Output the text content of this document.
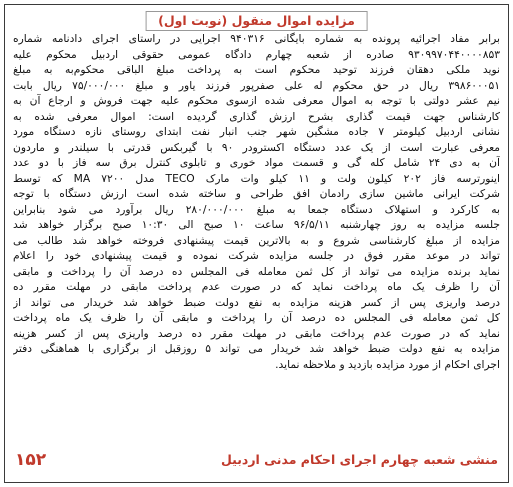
مزایده اموال منقول (نوبت اول)
برابر مفاد اجرائیه پرونده به شماره بایگانی ۹۴۰۳۱۶ اجرایی در راستای اجرای دادنامه شماره
۹۳۰۹۹۷۰۴۴۰۰۰۰۸۵۳ صادره از شعبه چهارم دادگاه عمومی حقوقی اردبیل محکوم علیه
نوید ملکی دهقان فرزند توحید محکوم است به پرداخت مبلغ الباقی محکوم‌به به مبلغ
۳۹۸۶۰۰۰۵۱ ریال در حق محکوم له علی صفرپور فرزند یاور و مبلغ ۷۵/۰۰۰/۰۰۰ ریال بابت
نیم عشر دولتی با توجه به اموال معرفی شده ازسوی محکوم علیه جهت فروش و ارجاع آن به
کارشناس جهت قیمت گذاری بشرح ارزش گذاری گردیده است: اموال معرفی شده به
نشانی اردبیل کیلومتر ۷ جاده مشگین شهر جنب انبار نفت ابتدای روستای نازه دستگاه مورد
معرفی عبارت است از یک عدد دستگاه اکسترودر ۹۰ با گیربکس قدرتی با سیلندر و ماردون
آن به دی ۲۴ شامل کله گی و قسمت مواد خوری و تابلوی کنترل برق سه فاز با دو عدد
اینورترسه فاز ۲۰۲ کیلون ولت و ۱۱ کیلو وات مارک TECO مدل MA ۷۲۰۰ که توسط
شرکت ایرانی ماشین سازی رادمان افق طراحی و ساخته شده است ارزش دستگاه با توجه
به کارکرد و استهلاک دستگاه جمعا به مبلغ ۲۸۰/۰۰۰/۰۰۰ ریال برآورد می شود بنابراین
جلسه مزایده به روز چهارشنبه ۹۶/۵/۱۱ ساعت ۱۰ صبح الی ۱۰:۳۰ صبح برگزار خواهد شد
مزایده از مبلغ کارشناسی شروع و به بالاترین قیمت پیشنهادی فروخته خواهد شد طالب می
تواند در موعد مقرر فوق در جلسه مزایده شرکت نموده و قیمت پیشنهادی خود را اعلام
نماید برنده مزایده می تواند از کل ثمن معامله فی المجلس ده درصد آن را پرداخت و مابقی
آن را ظرف یک ماه پرداخت نماید که در صورت عدم پرداخت مابقی در مهلت مقرر ده
درصد واریزی پس از کسر هزینه مزایده به نفع دولت ضبط خواهد شد خریدار می تواند از
کل ثمن معامله فی المجلس ده درصد آن را پرداخت و مابقی آن را ظرف یک ماه پرداخت
نماید که در صورت عدم پرداخت مابقی در مهلت مقرر ده درصد واریزی پس از کسر هزینه
مزایده به نفع دولت ضبط خواهد شد خریدار می تواند ۵ روزقبل از برگزاری با هماهنگی دفتر
اجرای احکام از مورد مزایده بازدید و ملاحظه نماید.
منشی شعبه چهارم اجرای احکام مدنی اردبیل
۱۵۲
